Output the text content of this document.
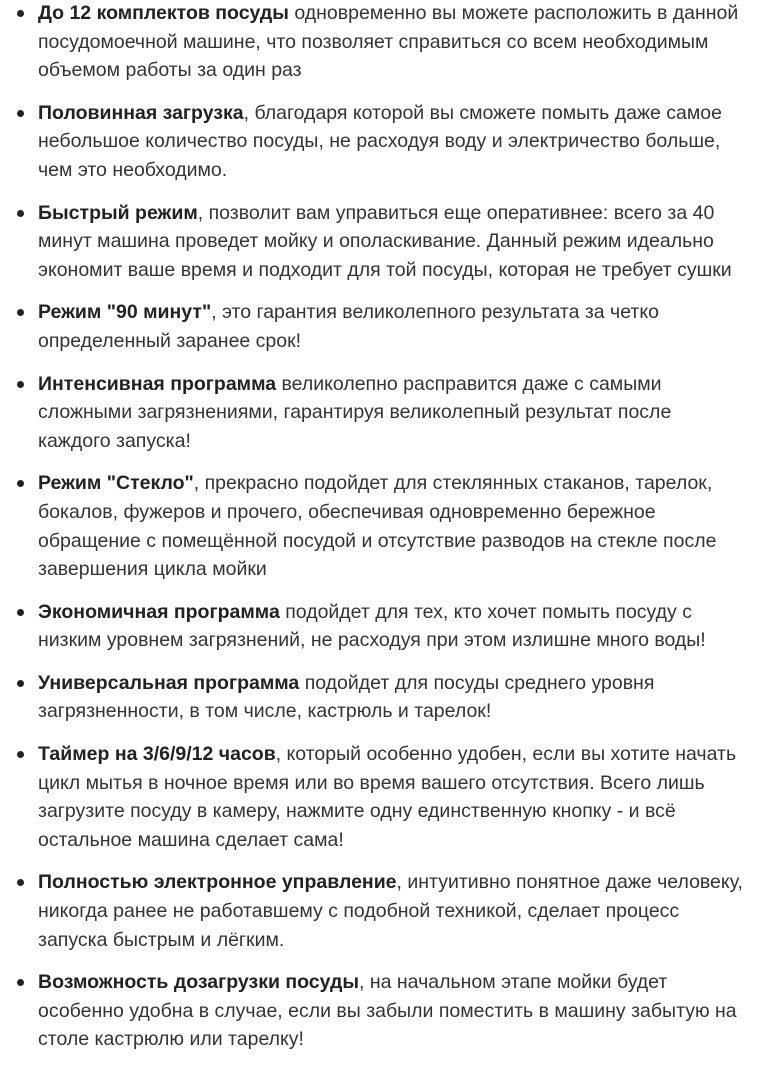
До 12 комплектов посуды одновременно вы можете расположить в данной посудомоечной машине, что позволяет справиться со всем необходимым объемом работы за один раз
Половинная загрузка, благодаря которой вы сможете помыть даже самое небольшое количество посуды, не расходуя воду и электричество больше, чем это необходимо.
Быстрый режим, позволит вам управиться еще оперативнее: всего за 40 минут машина проведет мойку и ополаскивание. Данный режим идеально экономит ваше время и подходит для той посуды, которая не требует сушки
Режим "90 минут", это гарантия великолепного результата за четко определенный заранее срок!
Интенсивная программа великолепно расправится даже с самыми сложными загрязнениями, гарантируя великолепный результат после каждого запуска!
Режим "Стекло", прекрасно подойдет для стеклянных стаканов, тарелок, бокалов, фужеров и прочего, обеспечивая одновременно бережное обращение с помещённой посудой и отсутствие разводов на стекле после завершения цикла мойки
Экономичная программа подойдет для тех, кто хочет помыть посуду с низким уровнем загрязнений, не расходуя при этом излишне много воды!
Универсальная программа подойдет для посуды среднего уровня загрязненности, в том числе, кастрюль и тарелок!
Таймер на 3/6/9/12 часов, который особенно удобен, если вы хотите начать цикл мытья в ночное время или во время вашего отсутствия. Всего лишь загрузите посуду в камеру, нажмите одну единственную кнопку - и всё остальное машина сделает сама!
Полностью электронное управление, интуитивно понятное даже человеку, никогда ранее не работавшему с подобной техникой, сделает процесс запуска быстрым и лёгким.
Возможность дозагрузки посуды, на начальном этапе мойки будет особенно удобна в случае, если вы забыли поместить в машину забытую на столе кастрюлю или тарелку!
